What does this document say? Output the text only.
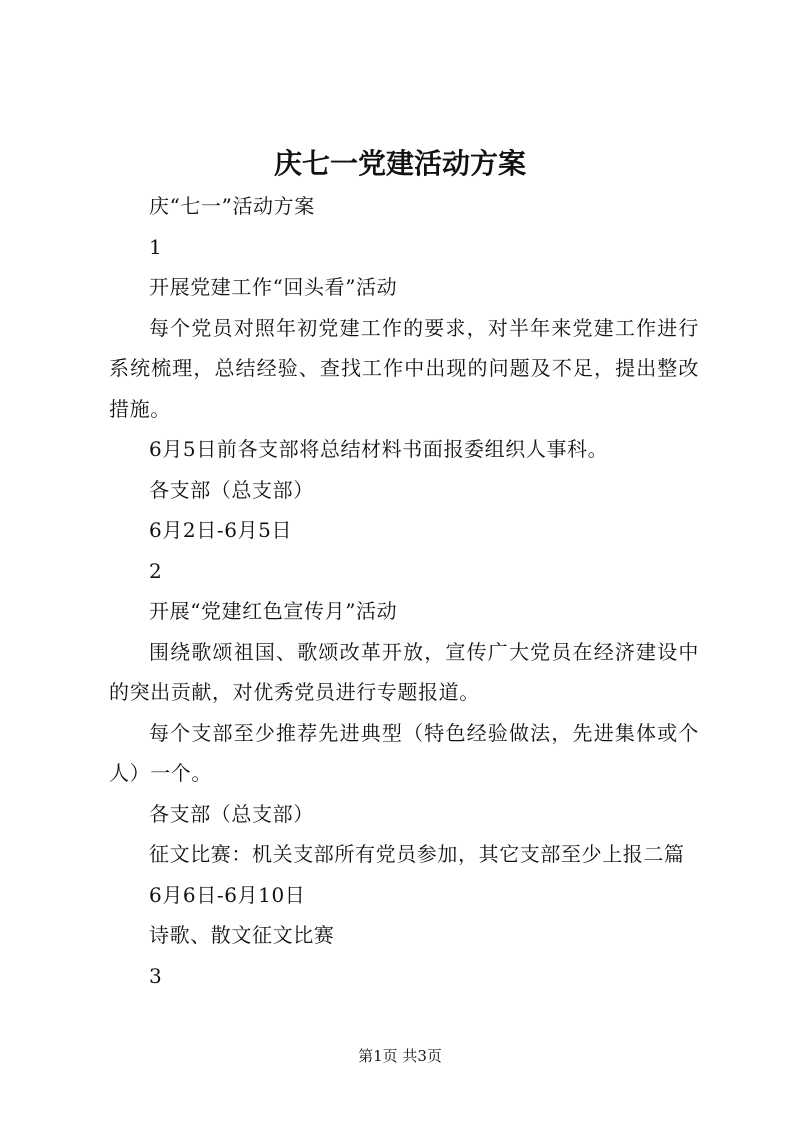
庆七一党建活动方案

庆“七一”活动方案

1

开展党建工作“回头看”活动

每个党员对照年初党建工作的要求，对半年来党建工作进行系统梳理，总结经验、查找工作中出现的问题及不足，提出整改措施。

6月5日前各支部将总结材料书面报委组织人事科。

各支部（总支部）

6月2日-6月5日

2

开展“党建红色宣传月”活动

围绕歌颂祖国、歌颂改革开放，宣传广大党员在经济建设中的突出贡献，对优秀党员进行专题报道。

每个支部至少推荐先进典型（特色经验做法，先进集体或个人）一个。

各支部（总支部）

征文比赛：机关支部所有党员参加，其它支部至少上报二篇

6月6日-6月10日

诗歌、散文征文比赛

3

第1页 共3页
